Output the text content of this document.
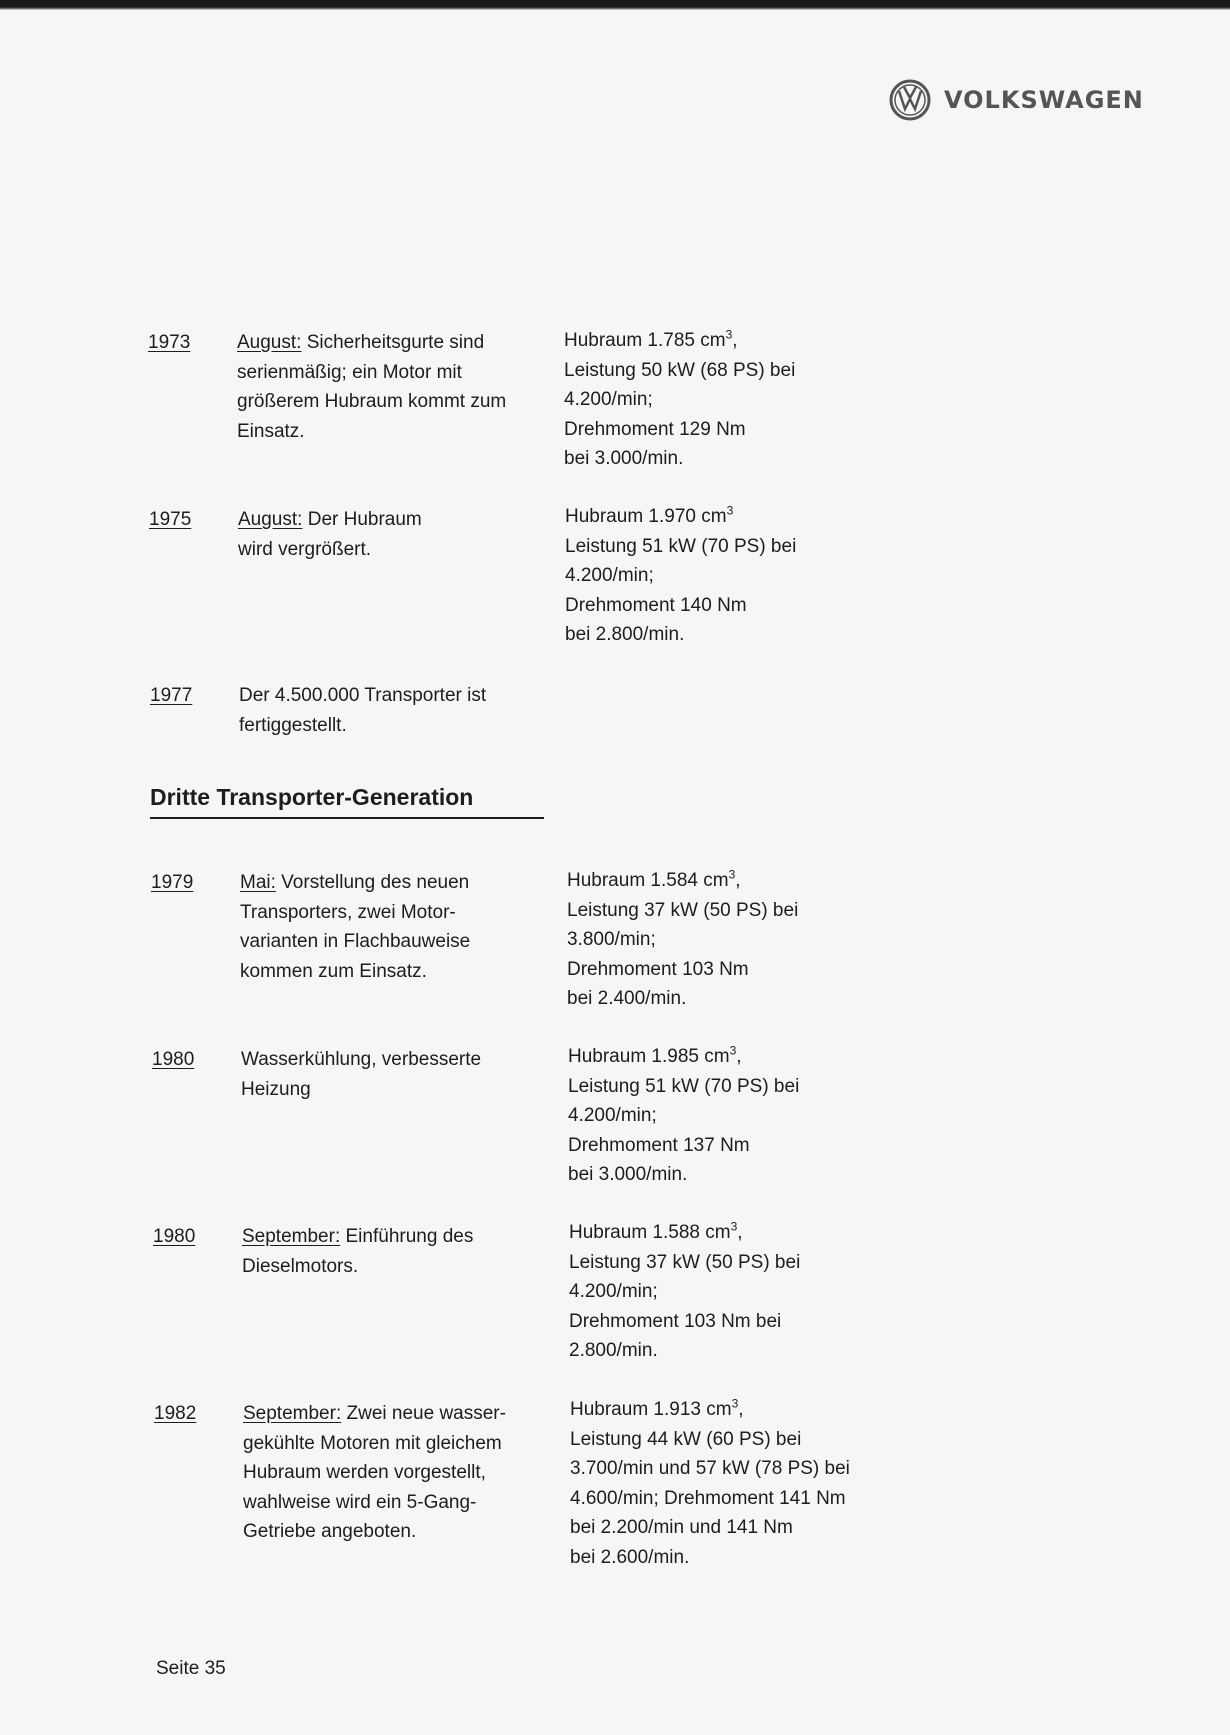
VOLKSWAGEN
1973 August: Sicherheitsgurte sind serienmäßig; ein Motor mit größerem Hubraum kommt zum Einsatz.
Hubraum 1.785 $cm^3$,
Leistung 50 kW (68 PS) bei
4.200/min;
Drehmoment 129 Nm
bei 3.000/min.
1975 August: Der Hubraum wird vergrößert.
Hubraum 1.970 $cm^3$
Leistung 51 kW (70 PS) bei
4.200/min;
Drehmoment 140 Nm
bei 2.800/min.
1977 Der 4.500.000 Transporter ist fertiggestellt.
Dritte Transporter-Generation
1979 Mai: Vorstellung des neuen Transporters, zwei Motor-varianten in Flachbauweise kommen zum Einsatz.
Hubraum 1.584 $cm^3$,
Leistung 37 kW (50 PS) bei
3.800/min;
Drehmoment 103 Nm
bei 2.400/min.
1980 Wasserkühlung, verbesserte Heizung
Hubraum 1.985 $cm^3$,
Leistung 51 kW (70 PS) bei
4.200/min;
Drehmoment 137 Nm
bei 3.000/min.
1980 September: Einführung des Dieselmotors.
Hubraum 1.588 $cm^3$,
Leistung 37 kW (50 PS) bei
4.200/min;
Drehmoment 103 Nm bei
2.800/min.
1982 September: Zwei neue wasser-gekühlte Motoren mit gleichem Hubraum werden vorgestellt, wahlweise wird ein 5-Gang-Getriebe angeboten.
Hubraum 1.913 $cm^3$,
Leistung 44 kW (60 PS) bei
3.700/min und 57 kW (78 PS) bei
4.600/min; Drehmoment 141 Nm
bei 2.200/min und 141 Nm
bei 2.600/min.
Seite 35
